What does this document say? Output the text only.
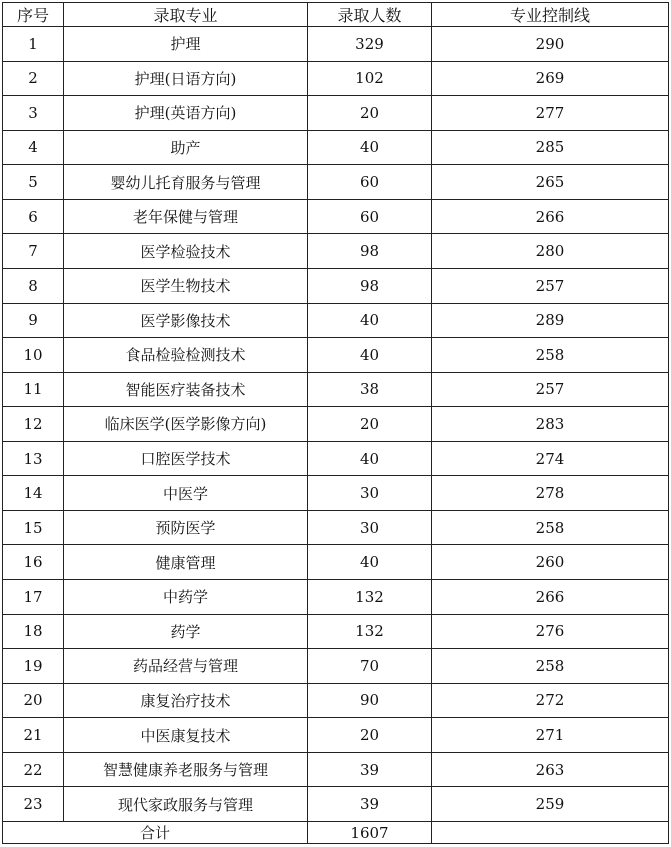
序号	录取专业	录取人数	专业控制线
1	护理	329	290
2	护理(日语方向)	102	269
3	护理(英语方向)	20	277
4	助产	40	285
5	婴幼儿托育服务与管理	60	265
6	老年保健与管理	60	266
7	医学检验技术	98	280
8	医学生物技术	98	257
9	医学影像技术	40	289
10	食品检验检测技术	40	258
11	智能医疗装备技术	38	257
12	临床医学(医学影像方向)	20	283
13	口腔医学技术	40	274
14	中医学	30	278
15	预防医学	30	258
16	健康管理	40	260
17	中药学	132	266
18	药学	132	276
19	药品经营与管理	70	258
20	康复治疗技术	90	272
21	中医康复技术	20	271
22	智慧健康养老服务与管理	39	263
23	现代家政服务与管理	39	259
合计		1607	
